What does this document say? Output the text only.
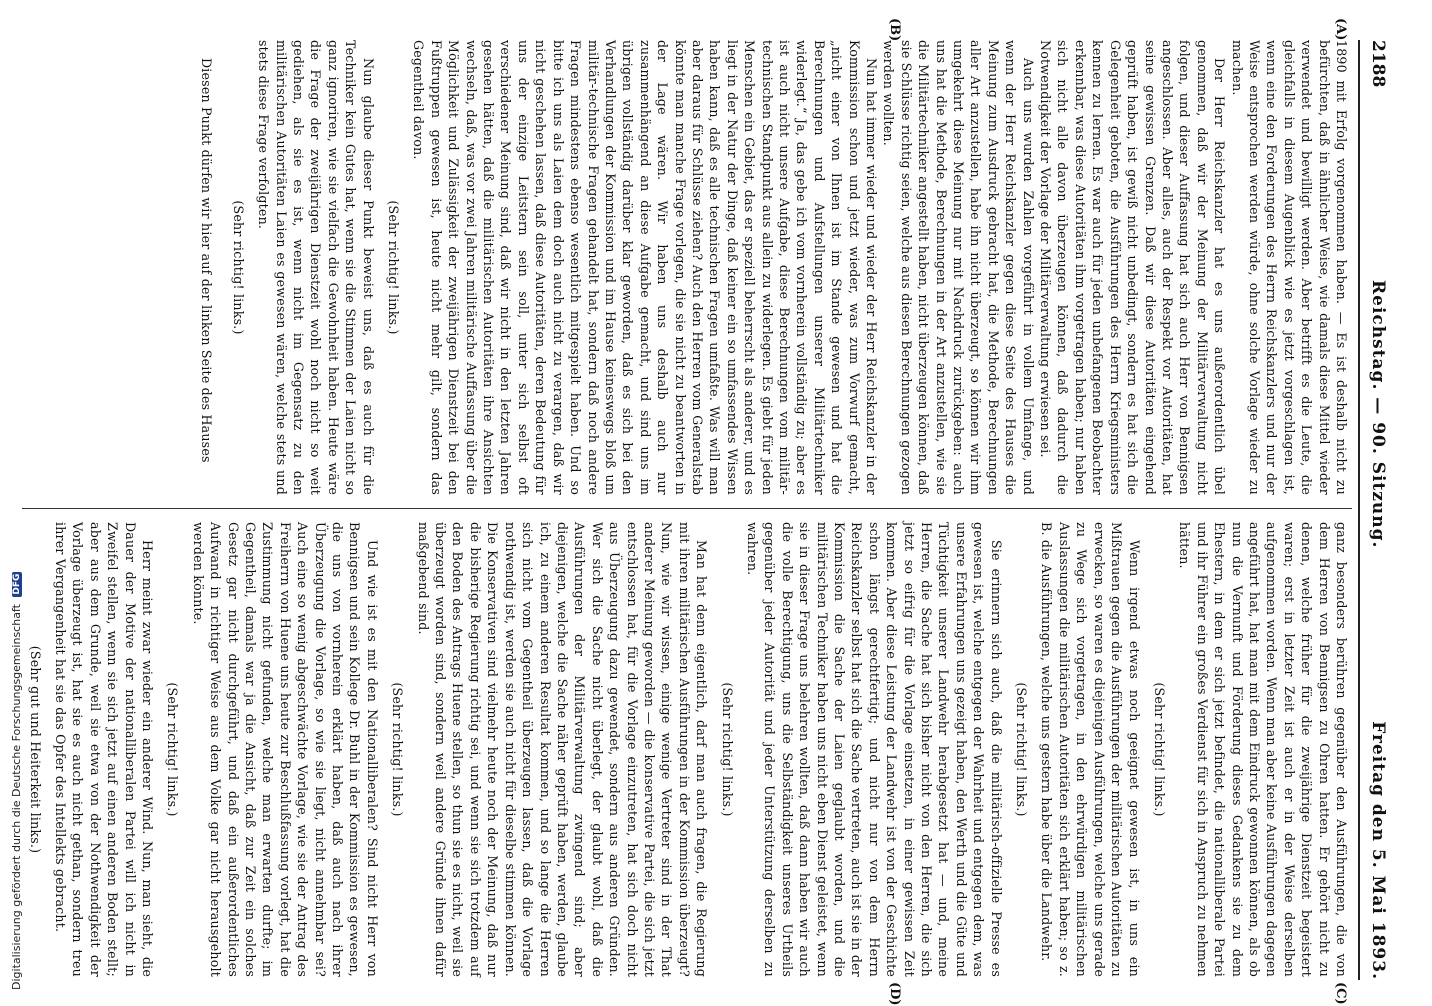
2188
Reichstag. — 90. Sitzung.
Freitag den 5. Mai 1893.
(A)
(B)
(C)
(D)

1890 mit Erfolg vorgenommen haben. — Es ist deshalb nicht zu befürchten, daß in ähnlicher Weise, wie damals diese Mittel wieder verwendet und bewilligt werden. Aber betrifft es die Leute, die gleichfalls in diesem Augenblick wie es jetzt vorgeschlagen ist, wenn eine den Forderungen des Herrn Reichskanzlers und nur der Weise entsprochen werden würde, ohne solche Vorlage wieder zu machen.

Der Herr Reichskanzler hat es uns außerordentlich übel genommen, daß wir der Meinung der Militärverwaltung nicht folgen, und dieser Auffassung hat sich auch Herr von Bennigsen angeschlossen. Aber alles, auch der Respekt vor Autoritäten, hat seine gewissen Grenzen. Daß wir diese Autoritäten eingehend geprüft haben, ist gewiß nicht unbedingt, sondern es hat sich die Gelegenheit geboten, die Ausführungen des Herrn Kriegsministers kennen zu lernen. Es war auch für jeden unbefangenen Beobachter erkennbar, was diese Autoritäten ihm vorgetragen haben; nur haben sich nicht alle davon überzeugen können, daß dadurch die Notwendigkeit der Vorlage der Militärverwaltung erwiesen sei.

Auch uns wurden Zahlen vorgeführt in vollem Umfange, und wenn der Herr Reichskanzler gegen diese Seite des Hauses die Meinung zum Ausdruck gebracht hat, die Methode, Berechnungen aller Art anzustellen, habe ihn nicht überzeugt, so können wir ihm umgekehrt diese Meinung nur mit Nachdruck zurückgeben: auch uns hat die Methode, Berechnungen in der Art anzustellen, wie sie die Militärtechniker angestellt haben, nicht überzeugen können, daß sie Schlüsse richtig seien, welche aus diesen Berechnungen gezogen werden wollten.

Nun hat immer wieder und wieder der Herr Reichskanzler in der Kommission schon und jetzt wieder, was zum Vorwurf gemacht, „nicht einer von Ihnen ist im Stande gewesen und hat die Berechnungen und Aufstellungen unserer Militärtechniker widerlegt.“ Ja, das gebe ich vom vornherein vollständig zu; aber es ist auch nicht unsere Aufgabe, diese Berechnungen vom militär-technischen Standpunkt aus allein zu widerlegen. Es giebt für jeden Menschen ein Gebiet, das er speziell beherrscht als anderer, und es liegt in der Natur der Dinge, daß keiner ein so umfassendes Wissen haben kann, daß es alle technischen Fragen umfaßte. Was will man aber daraus für Schlüsse ziehen? Auch den Herren vom Generalstab könnte man manche Frage vorlegen, die sie nicht zu beantworten in der Lage wären. Wir haben uns deshalb auch nur zusammenhängend an diese Aufgabe gemacht, und sind uns im übrigen vollständig darüber klar geworden, daß es sich bei den Verhandlungen der Kommission und im Hause keineswegs bloß um militär-technische Fragen gehandelt hat, sondern daß noch andere Fragen mindestens ebenso wesentlich mitgespielt haben. Und so bitte ich uns als Laien dem doch auch nicht zu verargen, daß wir nicht geschehen lassen, daß diese Autoritäten, deren Bedeutung für uns der einzige Leitstern sein soll, unter sich selbst oft verschiedener Meinung sind, daß wir nicht in den letzten Jahren gesehen hätten, daß die militärischen Autoritäten ihre Ansichten wechseln, daß, was vor zwei Jahren militärische Auffassung über die Möglichkeit und Zulässigkeit der zweijährigen Dienstzeit bei den Fußtruppen gewesen ist, heute nicht mehr gilt, sondern das Gegentheil davon.

(Sehr richtig! links.)

Nun glaube dieser Punkt beweist uns, daß es auch für die Techniker kein Gutes hat, wenn sie die Stimmen der Laien nicht so ganz ignoriren, wie sie vielfach die Gewohnheit haben. Heute wäre die Frage der zweijährigen Dienstzeit wohl noch nicht so weit gediehen, als sie es ist, wenn nicht im Gegensatz zu den militärischen Autoritäten Laien es gewesen wären, welche stets und stets diese Frage verfolgten.

(Sehr richtig! links.)

Diesen Punkt dürfen wir hier auf der linken Seite des Hauses

ganz besonders berühren gegenüber den Ausführungen, die von dem Herren von Bennigsen zu Ohren hatten. Er gehört nicht zu denen, welche früher für die zweijährige Dienstzeit begeistert waren; erst in letzter Zeit ist auch er in der Weise derselben aufgenommen worden. Wenn man aber keine Ausführungen dagegen angeführt hat, hat man mit dem Eindruck gewonnen können, als ob nun die Vernunft und Förderung dieses Gedankens sie zu dem Ehestern, in dem er sich jetzt befindet, die nationalliberale Partei und ihr Führer ein großes Verdienst für sich in Anspruch zu nehmen hätten.

(Sehr richtig! links.)

Wenn irgend etwas noch geeignet gewesen ist, in uns ein Mißtrauen gegen die Ausführungen der militärischen Autoritäten zu erwecken, so waren es diejenigen Ausführungen, welche uns gerade zu Wege sich vorgetragen, in den ehrwürdigen militärischen Auslassungen die militärischen Autoritäten sich erklärt haben; so z. B. die Ausführungen, welche uns gestern habe über die Landwehr.

(Sehr richtig! links.)

Sie erinnern sich auch, daß die militärisch-offizielle Presse es gewesen ist, welche entgegen der Wahrheit und entgegen dem, was unsere Erfahrungen uns gezeigt haben, den Werth und die Güte und Tüchtigkeit unserer Landwehr herabgesetzt hat — und, meine Herren, die Sache hat sich bisher nicht von den Herren, die sich jetzt so eifrig für die Vorlage einsetzen, in einer gewissen Zeit kommen. Aber diese Leistung der Landwehr ist von der Geschichte schon längst gerechtfertigt; und nicht nur von dem Herrn Reichskanzler selbst hat sich die Sache vertreten, auch ist sie in der Kommission die Sache der Laien geglaubt worden, und die militärischen Techniker haben uns nicht eben Dienst geleistet, wenn sie in dieser Frage uns belehren wollten, daß dann haben wir auch die volle Berechtigung, uns die Selbständigkeit unseres Urtheils gegenüber jeder Autorität und jeder Unterstützung derselben zu wahren.

(Sehr richtig! links.)

Man hat denn eigentlich, darf man auch fragen, die Regierung mit ihren militärischen Ausführungen in der Kommission überzeugt? Nun, wie wir wissen, einige wenige Vertreter sind in der That anderer Meinung geworden — die konservative Partei, die sich jetzt entschlossen hat, für die Vorlage einzutreten, hat sich doch nicht aus Überzeugung dazu gewendet, sondern aus anderen Gründen. Wer sich die Sache nicht überlegt, der glaubt wohl, daß die Ausführungen der Militärverwaltung zwingend sind; aber diejenigen, welche die Sache näher geprüft haben, werden, glaube ich, zu einem anderen Resultat kommen, und so lange die Herren sich nicht vom Gegentheil überzeugen lassen, daß die Vorlage nothwendig ist, werden sie auch nicht für dieselbe stimmen können. Die Konservativen sind vielmehr heute noch der Meinung, daß nur die bisherige Regierung richtig sei, und wenn sie sich trotzdem auf den Boden des Antrags Huene stellen, so thun sie es nicht, weil sie überzeugt worden sind, sondern weil andere Gründe ihnen dafür maßgebend sind.

(Sehr richtig! links.)

Und wie ist es mit den Nationalliberalen? Sind nicht Herr von Bennigsen und sein Kollege Dr. Buhl in der Kommission es gewesen, die uns von vornherein erklärt haben, daß auch nach ihrer Überzeugung die Vorlage, so wie sie liegt, nicht annehmbar sei? Auch eine so wenig abgeschwächte Vorlage, wie sie der Antrag des Freiherrn von Huene uns heute zur Beschlußfassung vorlegt, hat die Zustimmung nicht gefunden, welche man erwarten durfte; im Gegentheil, damals war ja die Ansicht, daß zur Zeit ein solches Gesetz gar nicht durchgeführt, und daß ein außerordentliches Aufwand in richtiger Weise aus dem Volke gar nicht herausgeholt werden könnte.

(Sehr richtig! links.)

Herr meint zwar wieder ein anderer Wind. Nun, man sieht, die Dauer der Motive der nationalliberalen Partei will ich nicht in Zweifel stellen, wenn sie sich jetzt auf einen anderen Boden stellt; aber aus dem Grunde, weil sie etwa von der Nothwendigkeit der Vorlage überzeugt ist, hat sie es auch nicht gethan, sondern treu ihrer Vergangenheit hat sie das Opfer des Intellekts gebracht.

(Sehr gut und Heiterkeit links.)

Digitalisierung gefördert durch die Deutsche Forschungsgemeinschaft DFG
